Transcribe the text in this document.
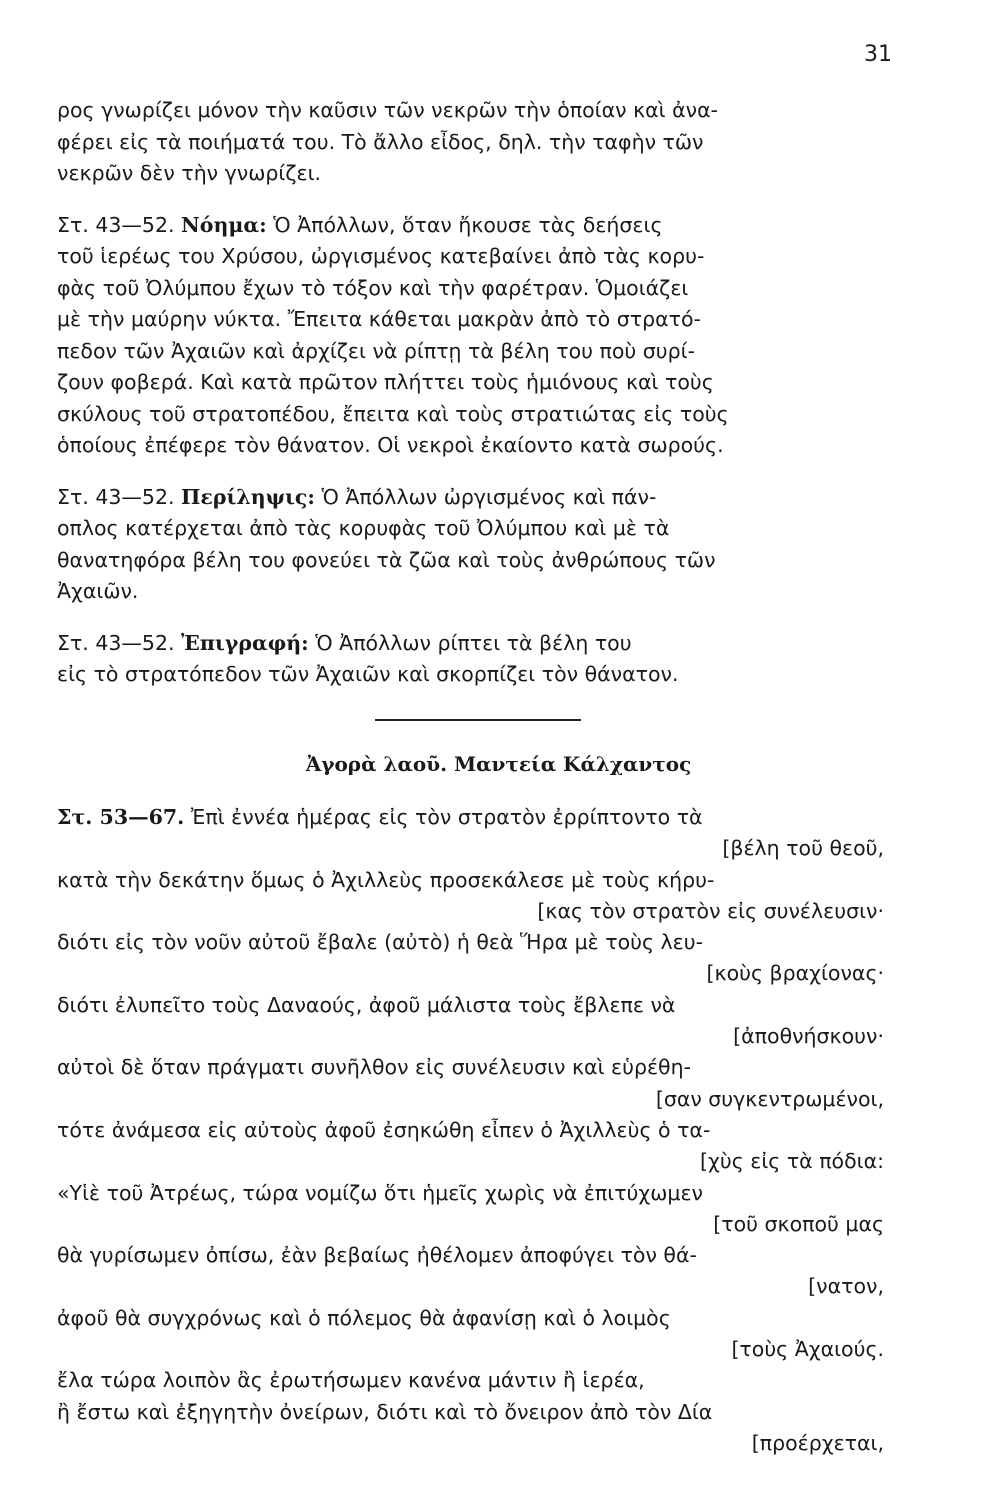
31
ρος γνωρίζει μόνον τὴν καῦσιν τῶν νεκρῶν τὴν ὁποίαν καὶ ἀνα-
φέρει εἰς τὰ ποιήματά του. Τὸ ἄλλο εἶδος, δηλ. τὴν ταφὴν τῶν
νεκρῶν δὲν τὴν γνωρίζει.
Στ. 43—52. Νόημα: Ὁ Ἀπόλλων, ὅταν ἤκουσε τὰς δεήσεις
τοῦ ἱερέως του Χρύσου, ὠργισμένος κατεβαίνει ἀπὸ τὰς κορυ-
φὰς τοῦ Ὀλύμπου ἔχων τὸ τόξον καὶ τὴν φαρέτραν. Ὁμοιάζει
μὲ τὴν μαύρην νύκτα. Ἔπειτα κάθεται μακρὰν ἀπὸ τὸ στρατό-
πεδον τῶν Ἀχαιῶν καὶ ἀρχίζει νὰ ρίπτῃ τὰ βέλη του ποὺ συρί-
ζουν φοβερά. Καὶ κατὰ πρῶτον πλήττει τοὺς ἡμιόνους καὶ τοὺς
σκύλους τοῦ στρατοπέδου, ἔπειτα καὶ τοὺς στρατιώτας εἰς τοὺς
ὁποίους ἐπέφερε τὸν θάνατον. Οἱ νεκροὶ ἐκαίοντο κατὰ σωρούς.
Στ. 43—52. Περίληψις: Ὁ Ἀπόλλων ὠργισμένος καὶ πάν-
οπλος κατέρχεται ἀπὸ τὰς κορυφὰς τοῦ Ὀλύμπου καὶ μὲ τὰ
θανατηφόρα βέλη του φονεύει τὰ ζῶα καὶ τοὺς ἀνθρώπους τῶν
Ἀχαιῶν.
Στ. 43—52. Ἐπιγραφή: Ὁ Ἀπόλλων ρίπτει τὰ βέλη του
εἰς τὸ στρατόπεδον τῶν Ἀχαιῶν καὶ σκορπίζει τὸν θάνατον.
Ἀγορὰ λαοῦ. Μαντεία Κάλχαντος
Στ. 53—67. Ἐπὶ ἐννέα ἡμέρας εἰς τὸν στρατὸν ἐρρίπτοντο τὰ
[βέλη τοῦ θεοῦ,
κατὰ τὴν δεκάτην ὅμως ὁ Ἀχιλλεὺς προσεκάλεσε μὲ τοὺς κήρυ-
[κας τὸν στρατὸν εἰς συνέλευσιν·
διότι εἰς τὸν νοῦν αὐτοῦ ἔβαλε (αὐτὸ) ἡ θεὰ Ἥρα μὲ τοὺς λευ-
[κοὺς βραχίονας·
διότι ἐλυπεῖτο τοὺς Δαναούς, ἀφοῦ μάλιστα τοὺς ἔβλεπε νὰ
[ἀποθνήσκουν·
αὐτοὶ δὲ ὅταν πράγματι συνῆλθον εἰς συνέλευσιν καὶ εὑρέθη-
[σαν συγκεντρωμένοι,
τότε ἀνάμεσα εἰς αὐτοὺς ἀφοῦ ἐσηκώθη εἶπεν ὁ Ἀχιλλεὺς ὁ τα-
[χὺς εἰς τὰ πόδια:
«Υἱὲ τοῦ Ἀτρέως, τώρα νομίζω ὅτι ἡμεῖς χωρὶς νὰ ἐπιτύχωμεν
[τοῦ σκοποῦ μας
θὰ γυρίσωμεν ὀπίσω, ἐὰν βεβαίως ἠθέλομεν ἀποφύγει τὸν θά-
[νατον,
ἀφοῦ θὰ συγχρόνως καὶ ὁ πόλεμος θὰ ἀφανίσῃ καὶ ὁ λοιμὸς
[τοὺς Ἀχαιούς.
ἔλα τώρα λοιπὸν ἂς ἐρωτήσωμεν κανένα μάντιν ἢ ἱερέα,
ἢ ἔστω καὶ ἐξηγητὴν ὀνείρων, διότι καὶ τὸ ὄνειρον ἀπὸ τὸν Δία
[προέρχεται,
